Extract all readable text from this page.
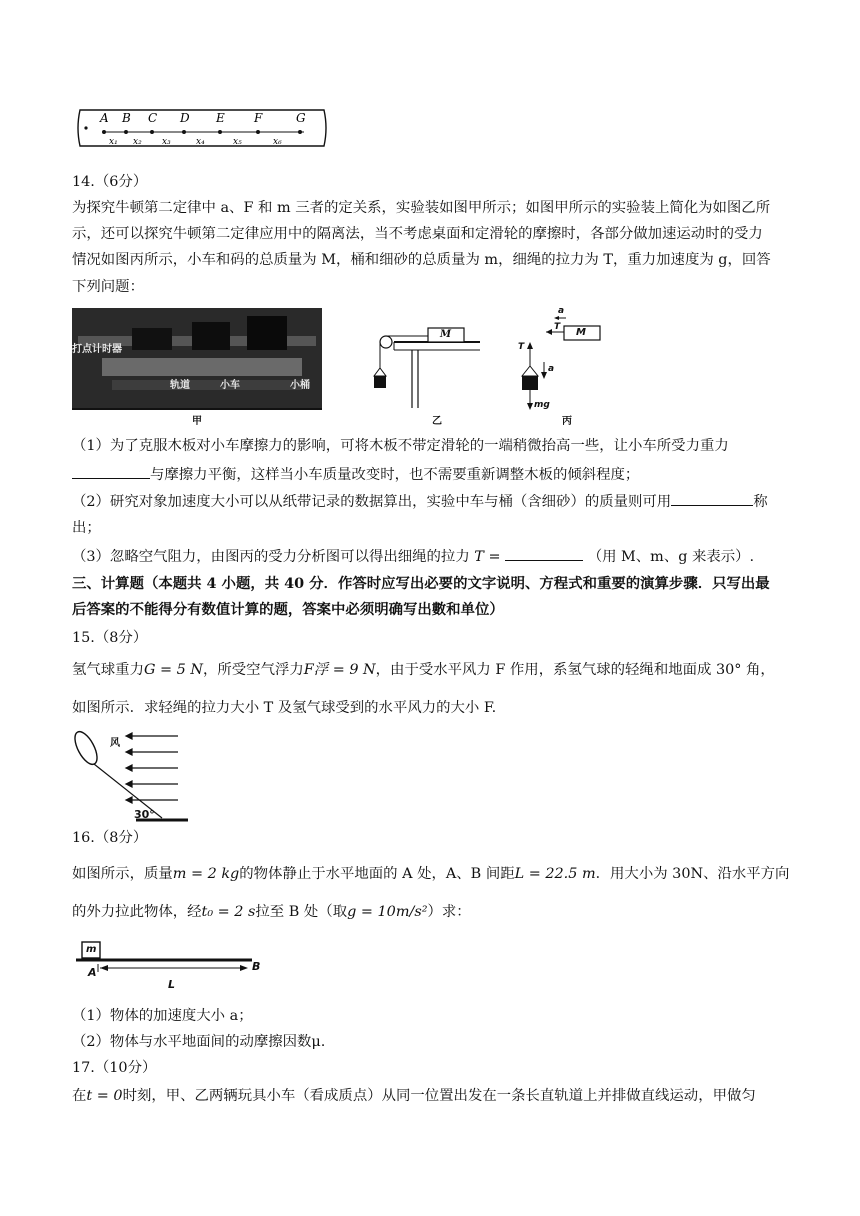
A B C D E F	G
x₁ x₂ x₃	x₄	x₅	x₆
14.（6分）
为探究牛顿第二定律中 a、F 和 m 三者的定关系，实验装如图甲所示；如图甲所示的实验装上简化为如图乙所
示，还可以探究牛顿第二定律应用中的隔离法，当不考虑桌面和定滑轮的摩擦时，各部分做加速运动时的受力
情况如图丙所示，小车和码的总质量为 M，桶和细砂的总质量为 m，细绳的拉力为 T，重力加速度为 g，回答
下列问题：
打点计时器
轨道	小车	小桶
甲
M
乙
a
T M
T
a
mg
丙
（1）为了克服木板对小车摩擦力的影响，可将木板不带定滑轮的一端稍微抬高一些，让小车所受力重力
与摩擦力平衡，这样当小车质量改变时，也不需要重新调整木板的倾斜程度；
（2）研究对象加速度大小可以从纸带记录的数据算出，实验中车与桶（含细砂）的质量则可用	称
出；
（3）忽略空气阻力，由图丙的受力分析图可以得出细绳的拉力 T =	（用 M、m、g 来表示）.
三、计算题（本题共 4 小题，共 40 分．作答时应写出必要的文字说明、方程式和重要的演算步骤．只写出最
后答案的不能得分有数值计算的题，答案中必须明确写出數和单位）
15.（8分）
氢气球重力G = 5 N，所受空气浮力F浮 = 9 N，由于受水平风力 F 作用，系氢气球的轻绳和地面成 30° 角，
如图所示．求轻绳的拉力大小 T 及氢气球受到的水平风力的大小 F.
风
30°
16.（8分）
如图所示，质量m = 2 kg的物体静止于水平地面的 A 处，A、B 间距L = 22.5 m．用大小为 30N、沿水平方向
的外力拉此物体，经t₀ = 2 s拉至 B 处（取g = 10m/s²）求：
m
A	B
L
（1）物体的加速度大小 a；
（2）物体与水平地面间的动摩擦因数μ.
17.（10分）
在t = 0时刻，甲、乙两辆玩具小车（看成质点）从同一位置出发在一条长直轨道上并排做直线运动，甲做匀
